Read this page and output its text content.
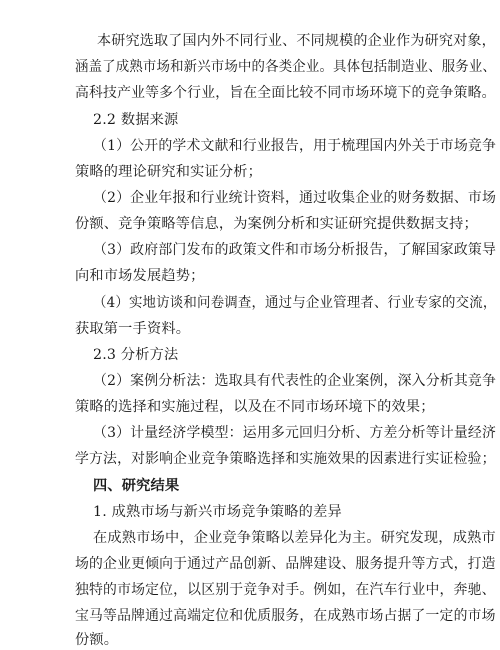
本研究选取了国内外不同行业、不同规模的企业作为研究对象，
涵盖了成熟市场和新兴市场中的各类企业。具体包括制造业、服务业、
高科技产业等多个行业，旨在全面比较不同市场环境下的竞争策略。
2.2 数据来源
（1）公开的学术文献和行业报告，用于梳理国内外关于市场竞争
策略的理论研究和实证分析；
（2）企业年报和行业统计资料，通过收集企业的财务数据、市场
份额、竞争策略等信息，为案例分析和实证研究提供数据支持；
（3）政府部门发布的政策文件和市场分析报告，了解国家政策导
向和市场发展趋势；
（4）实地访谈和问卷调查，通过与企业管理者、行业专家的交流，
获取第一手资料。
2.3 分析方法
（2）案例分析法：选取具有代表性的企业案例，深入分析其竞争
策略的选择和实施过程，以及在不同市场环境下的效果；
（3）计量经济学模型：运用多元回归分析、方差分析等计量经济
学方法，对影响企业竞争策略选择和实施效果的因素进行实证检验；
四、研究结果
1. 成熟市场与新兴市场竞争策略的差异
在成熟市场中，企业竞争策略以差异化为主。研究发现，成熟市
场的企业更倾向于通过产品创新、品牌建设、服务提升等方式，打造
独特的市场定位，以区别于竞争对手。例如，在汽车行业中，奔驰、
宝马等品牌通过高端定位和优质服务，在成熟市场占据了一定的市场
份额。
